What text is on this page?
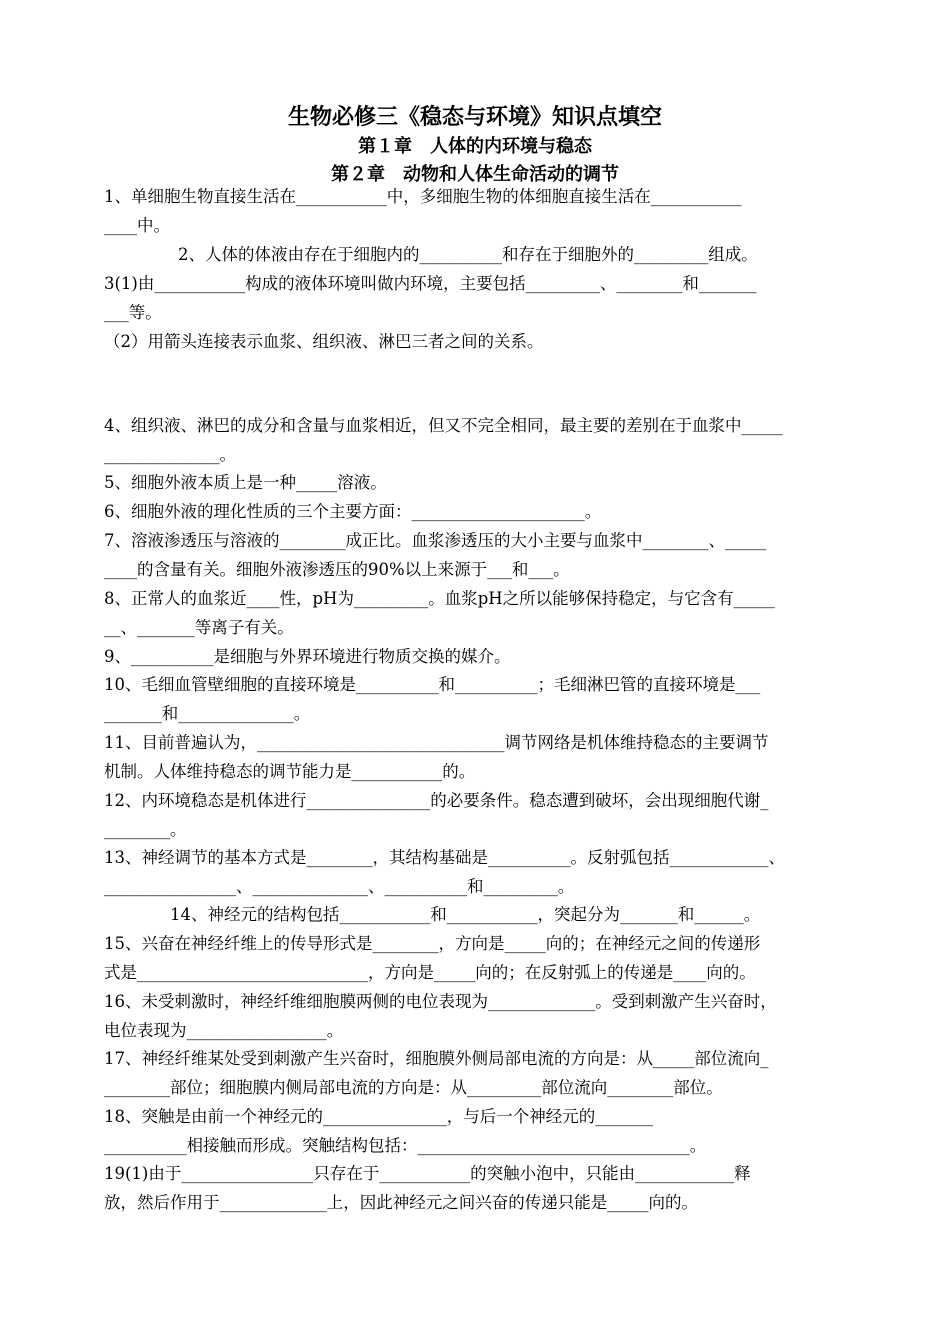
生物必修三《稳态与环境》知识点填空
第１章　人体的内环境与稳态
第２章　动物和人体生命活动的调节
1、单细胞生物直接生活在___________中，多细胞生物的体细胞直接生活在___________
____中。
2、人体的体液由存在于细胞内的__________和存在于细胞外的_________组成。
3(1)由___________构成的液体环境叫做内环境，主要包括_________、________和_______
___等。
（2）用箭头连接表示血浆、组织液、淋巴三者之间的关系。
4、组织液、淋巴的成分和含量与血浆相近，但又不完全相同，最主要的差别在于血浆中_____
______________。
5、细胞外液本质上是一种_____溶液。
6、细胞外液的理化性质的三个主要方面：_____________________。
7、溶液渗透压与溶液的________成正比。血浆渗透压的大小主要与血浆中________、_____
____的含量有关。细胞外液渗透压的90%以上来源于___和___。
8、正常人的血浆近____性，pH为_________。血浆pH之所以能够保持稳定，与它含有_____
__、_______等离子有关。
9、__________是细胞与外界环境进行物质交换的媒介。
10、毛细血管壁细胞的直接环境是__________和__________；毛细淋巴管的直接环境是___
_______和______________。
11、目前普遍认为，______________________________调节网络是机体维持稳态的主要调节
机制。人体维持稳态的调节能力是___________的。
12、内环境稳态是机体进行_______________的必要条件。稳态遭到破坏，会出现细胞代谢_
________。
13、神经调节的基本方式是________，其结构基础是__________。反射弧包括____________、
________________、______________、__________和_________。
14、神经元的结构包括___________和___________，突起分为_______和______。
15、兴奋在神经纤维上的传导形式是________，方向是_____向的；在神经元之间的传递形
式是____________________________，方向是_____向的；在反射弧上的传递是____向的。
16、未受刺激时，神经纤维细胞膜两侧的电位表现为_____________。受到刺激产生兴奋时，
电位表现为_________________。
17、神经纤维某处受到刺激产生兴奋时，细胞膜外侧局部电流的方向是：从_____部位流向_
________部位；细胞膜内侧局部电流的方向是：从_________部位流向________部位。
18、突触是由前一个神经元的_______________，与后一个神经元的_______
__________相接触而形成。突触结构包括：_________________________________。
19(1)由于________________只存在于___________的突触小泡中，只能由____________释
放，然后作用于_____________上，因此神经元之间兴奋的传递只能是_____向的。
